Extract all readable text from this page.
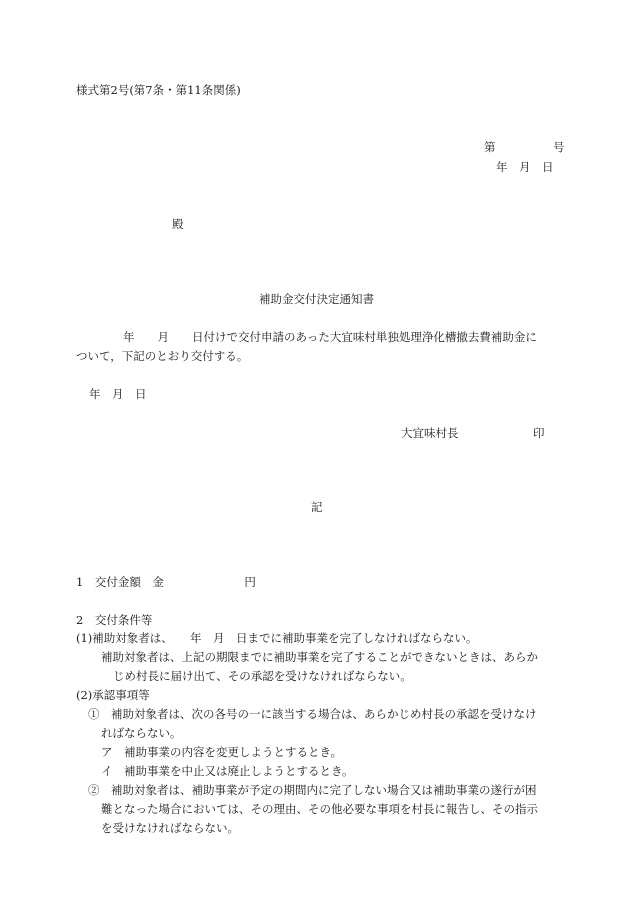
様式第2号(第7条・第11条関係)
第　　　　　号
年　月　日
殿
補助金交付決定通知書
年　　月　　日付けで交付申請のあった大宜味村単独処理浄化槽撤去費補助金に
ついて，下記のとおり交付する。
年　月　日
大宜味村長	印
記
1　交付金額　金　　　　　　　円
2　交付条件等
(1)補助対象者は、　　年　月　日までに補助事業を完了しなければならない。
補助対象者は、上記の期限までに補助事業を完了することができないときは、あらか
じめ村長に届け出て、その承認を受けなければならない。
(2)承認事項等
①　補助対象者は、次の各号の一に該当する場合は、あらかじめ村長の承認を受けなけ
ればならない。
ア　補助事業の内容を変更しようとするとき。
イ　補助事業を中止又は廃止しようとするとき。
②　補助対象者は、補助事業が予定の期間内に完了しない場合又は補助事業の遂行が困
難となった場合においては、その理由、その他必要な事項を村長に報告し、その指示
を受けなければならない。
